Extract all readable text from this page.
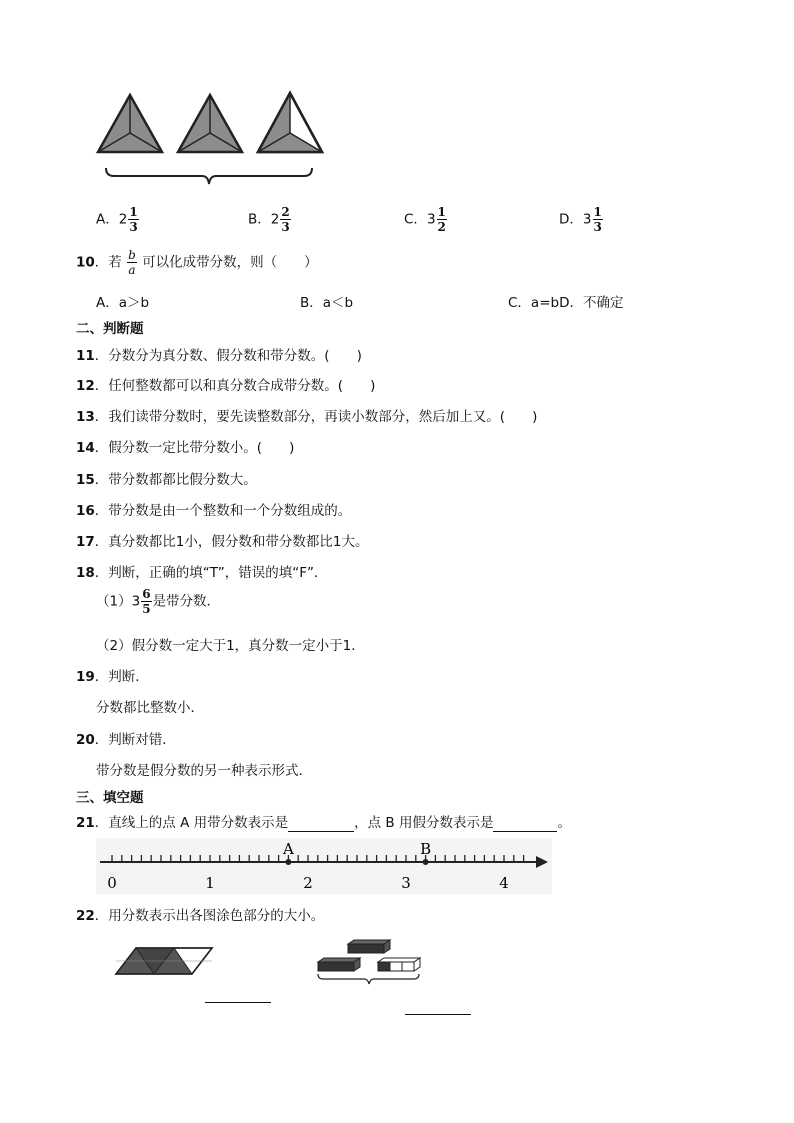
A．$2 \frac{1}{3}$	B．$2 \frac{2}{3}$	C．$3 \frac{1}{2}$	D．$3 \frac{1}{3}$
10．若 $\frac{b}{a}$ 可以化成带分数，则（　　）
A．a＞b	B．a＜b	C．a=bD．不确定
二、判断题
11．分数分为真分数、假分数和带分数。(　　)
12．任何整数都可以和真分数合成带分数。(　　)
13．我们读带分数时，要先读整数部分，再读小数部分，然后加上又。(　　)
14．假分数一定比带分数小。(　　)
15．带分数都都比假分数大。
16．带分数是由一个整数和一个分数组成的。
17．真分数都比1小，假分数和带分数都比1大。
18．判断，正确的填“T”，错误的填“F”．
$(1)3 \frac{6}{5}$ 是带分数．
（2）假分数一定大于1，真分数一定小于1．
19．判断．
分数都比整数小．
20．判断对错．
带分数是假分数的另一种表示形式．
三、填空题
21．直线上的点 A 用带分数表示是	，点 B 用假分数表示是	。
A	B
0	1	2	3	4
22．用分数表示出各图涂色部分的大小。
